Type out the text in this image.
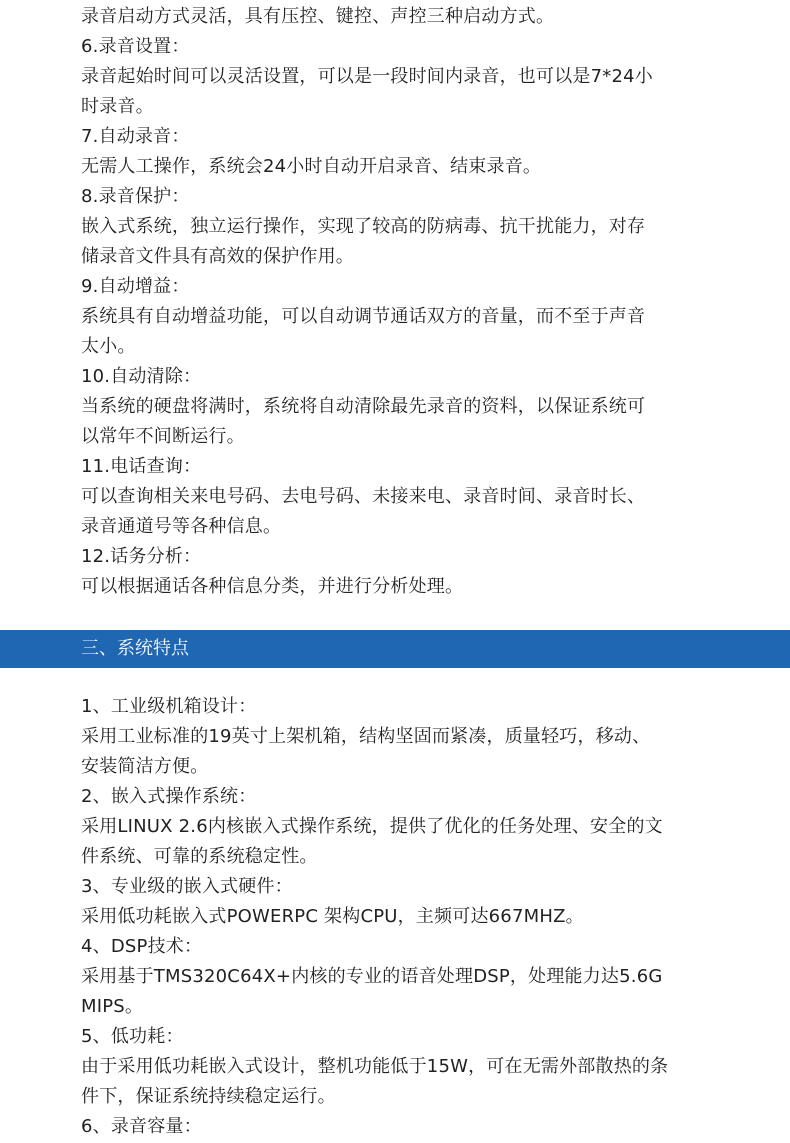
录音启动方式灵活，具有压控、键控、声控三种启动方式。
6.录音设置：
录音起始时间可以灵活设置，可以是一段时间内录音，也可以是7*24小
时录音。
7.自动录音：
无需人工操作，系统会24小时自动开启录音、结束录音。
8.录音保护：
嵌入式系统，独立运行操作，实现了较高的防病毒、抗干扰能力，对存
储录音文件具有高效的保护作用。
9.自动增益：
系统具有自动增益功能，可以自动调节通话双方的音量，而不至于声音
太小。
10.自动清除：
当系统的硬盘将满时，系统将自动清除最先录音的资料，以保证系统可
以常年不间断运行。
11.电话查询：
可以查询相关来电号码、去电号码、未接来电、录音时间、录音时长、
录音通道号等各种信息。
12.话务分析：
可以根据通话各种信息分类，并进行分析处理。
三、系统特点
1、工业级机箱设计：
采用工业标准的19英寸上架机箱，结构坚固而紧凑，质量轻巧，移动、
安装简洁方便。
2、嵌入式操作系统：
采用LINUX 2.6内核嵌入式操作系统，提供了优化的任务处理、安全的文
件系统、可靠的系统稳定性。
3、专业级的嵌入式硬件：
采用低功耗嵌入式POWERPC 架构CPU，主频可达667MHZ。
4、DSP技术：
采用基于TMS320C64X+内核的专业的语音处理DSP，处理能力达5.6G
MIPS。
5、低功耗：
由于采用低功耗嵌入式设计，整机功能低于15W，可在无需外部散热的条
件下，保证系统持续稳定运行。
6、录音容量：
